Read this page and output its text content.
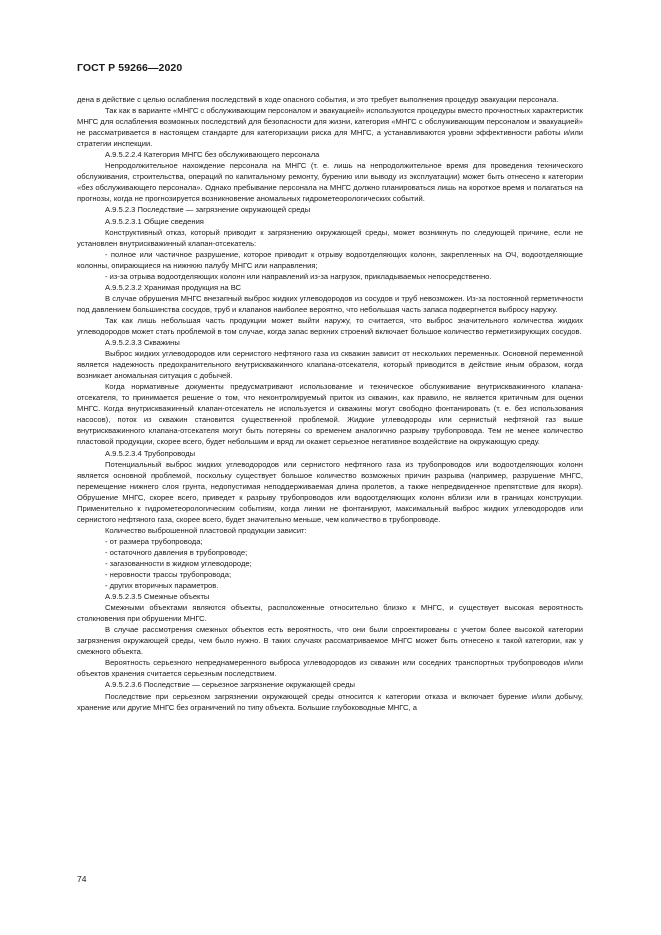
ГОСТ Р 59266—2020

дена в действие с целью ослабления последствий в ходе опасного события, и это требует выполнения процедур эвакуации персонала.

Так как в варианте «МНГС с обслуживающим персоналом и эвакуацией» используются процедуры вместо прочностных характеристик МНГС для ослабления возможных последствий для безопасности для жизни, категория «МНГС с обслуживающим персоналом и эвакуацией» не рассматривается в настоящем стандарте для категоризации риска для МНГС, а устанавливаются уровни эффективности работы и/или стратегии инспекции.

А.9.5.2.2.4 Категория МНГС без обслуживающего персонала

Непродолжительное нахождение персонала на МНГС (т. е. лишь на непродолжительное время для проведения технического обслуживания, строительства, операций по капитальному ремонту, бурению или выводу из эксплуатации) может быть отнесено к категории «без обслуживающего персонала». Однако пребывание персонала на МНГС должно планироваться лишь на короткое время и полагаться на прогнозы, когда не прогнозируется возникновение аномальных гидрометеорологических событий.

А.9.5.2.3 Последствие — загрязнение окружающей среды

А.9.5.2.3.1 Общие сведения

Конструктивный отказ, который приводит к загрязнению окружающей среды, может возникнуть по следующей причине, если не установлен внутрискважинный клапан-отсекатель:

- полное или частичное разрушение, которое приводит к отрыву водоотделяющих колонн, закрепленных на ОЧ, водоотделяющие колонны, опирающиеся на нижнюю палубу МНГС или направления;

- из-за отрыва водоотделяющих колонн или направлений из-за нагрузок, прикладываемых непосредственно.

А.9.5.2.3.2 Хранимая продукция на ВС

В случае обрушения МНГС внезапный выброс жидких углеводородов из сосудов и труб невозможен. Из-за постоянной герметичности под давлением большинства сосудов, труб и клапанов наиболее вероятно, что небольшая часть запаса подвергнется выбросу наружу.

Так как лишь небольшая часть продукции может выйти наружу, то считается, что выброс значительного количества жидких углеводородов может стать проблемой в том случае, когда запас верхних строений включает большое количество герметизирующих сосудов.

А.9.5.2.3.3 Скважины

Выброс жидких углеводородов или сернистого нефтяного газа из скважин зависит от нескольких переменных. Основной переменной является надежность предохранительного внутрискважинного клапана-отсекателя, который приводится в действие иным образом, когда возникает аномальная ситуация с добычей.

Когда нормативные документы предусматривают использование и техническое обслуживание внутрискважинного клапана-отсекателя, то принимается решение о том, что неконтролируемый приток из скважин, как правило, не является критичным для оценки МНГС. Когда внутрискважинный клапан-отсекатель не используется и скважины могут свободно фонтанировать (т. е. без использования насосов), поток из скважин становится существенной проблемой. Жидкие углеводороды или сернистый нефтяной газ выше внутрискважинного клапана-отсекателя могут быть потеряны со временем аналогично разрыву трубопровода. Тем не менее количество пластовой продукции, скорее всего, будет небольшим и вряд ли окажет серьезное негативное воздействие на окружающую среду.

А.9.5.2.3.4 Трубопроводы

Потенциальный выброс жидких углеводородов или сернистого нефтяного газа из трубопроводов или водоотделяющих колонн является основной проблемой, поскольку существует большое количество возможных причин разрыва (например, разрушение МНГС, перемещение нижнего слоя грунта, недопустимая неподдерживаемая длина пролетов, а также непредвиденное препятствие для якоря). Обрушение МНГС, скорее всего, приведет к разрыву трубопроводов или водоотделяющих колонн вблизи или в границах конструкции. Применительно к гидрометеорологическим событиям, когда линии не фонтанируют, максимальный выброс жидких углеводородов или сернистого нефтяного газа, скорее всего, будет значительно меньше, чем количество в трубопроводе.

Количество выброшенной пластовой продукции зависит:

- от размера трубопровода;

- остаточного давления в трубопроводе;

- загазованности в жидком углеводороде;

- неровности трассы трубопровода;

- других вторичных параметров.

А.9.5.2.3.5 Смежные объекты

Смежными объектами являются объекты, расположенные относительно близко к МНГС, и существует высокая вероятность столкновения при обрушении МНГС.

В случае рассмотрения смежных объектов есть вероятность, что они были спроектированы с учетом более высокой категории загрязнения окружающей среды, чем было нужно. В таких случаях рассматриваемое МНГС может быть отнесено к такой категории, как у смежного объекта.

Вероятность серьезного непреднамеренного выброса углеводородов из скважин или соседних транспортных трубопроводов и/или объектов хранения считается серьезным последствием.

А.9.5.2.3.6 Последствие — серьезное загрязнение окружающей среды

Последствие при серьезном загрязнении окружающей среды относится к категории отказа и включает бурение и/или добычу, хранение или другие МНГС без ограничений по типу объекта. Большие глубоководные МНГС, а

74
